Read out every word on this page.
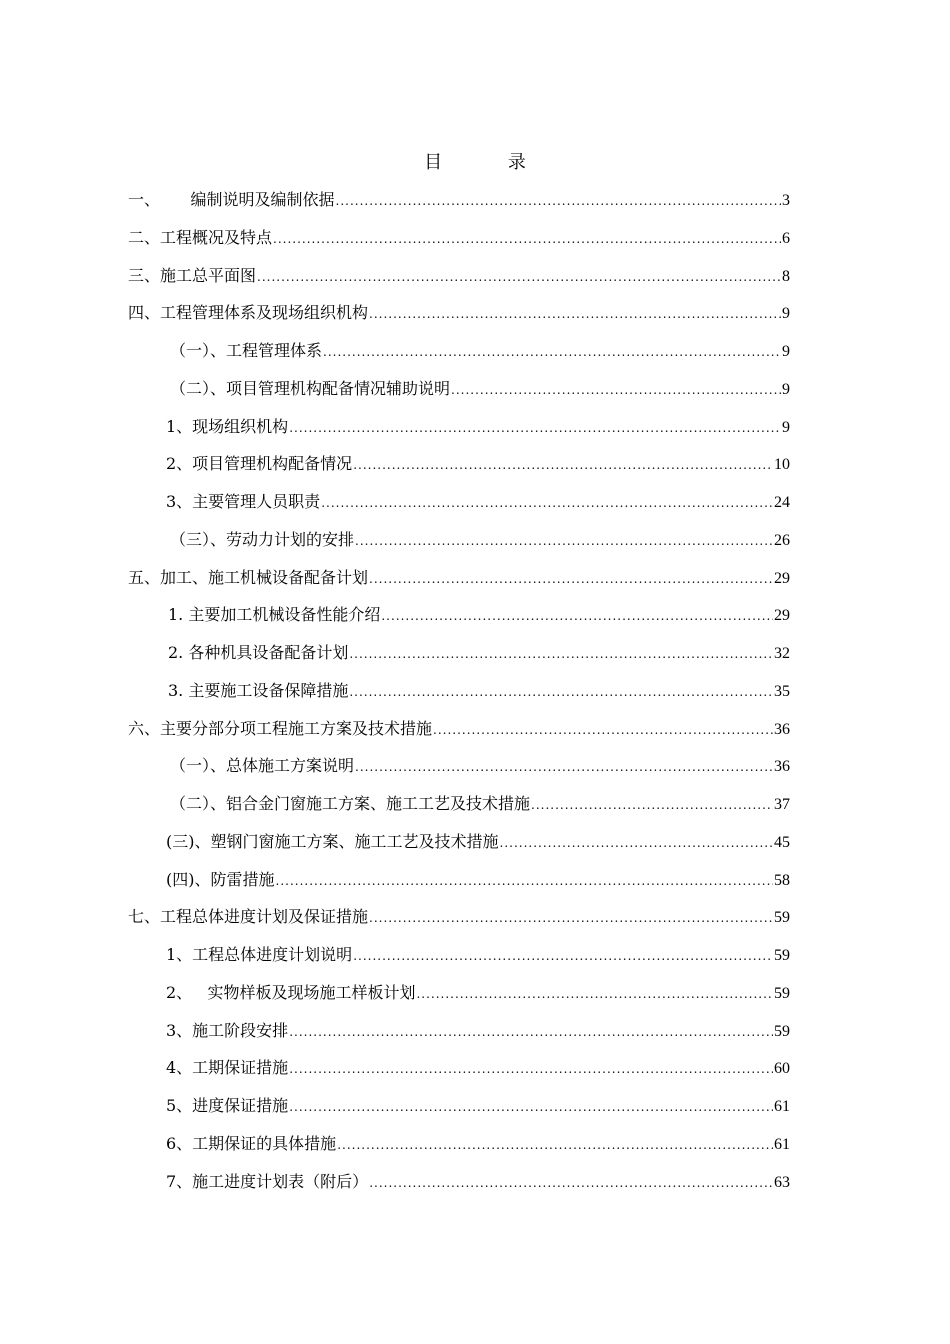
目 录
一、      编制说明及编制依据 .....	3
二、工程概况及特点 .....	6
三、施工总平面图 .....	8
四、工程管理体系及现场组织机构 .....	9
（一）、工程管理体系 .....	9
（二）、项目管理机构配备情况辅助说明 .....	9
1、现场组织机构 .....	9
2、项目管理机构配备情况 .....	10
3、主要管理人员职责 .....	24
（三）、劳动力计划的安排 .....	26
五、加工、施工机械设备配备计划 .....	29
1. 主要加工机械设备性能介绍 .....	29
2. 各种机具设备配备计划 .....	32
3. 主要施工设备保障措施 .....	35
六、主要分部分项工程施工方案及技术措施 .....	36
（一）、总体施工方案说明 .....	36
（二）、铝合金门窗施工方案、施工工艺及技术措施 .....	37
(三)、塑钢门窗施工方案、施工工艺及技术措施 .....	45
(四)、防雷措施 .....	58
七、工程总体进度计划及保证措施 .....	59
1、工程总体进度计划说明 .....	59
2、   实物样板及现场施工样板计划 .....	59
3、施工阶段安排 .....	59
4、工期保证措施 .....	60
5、进度保证措施 .....	61
6、工期保证的具体措施 .....	61
7、施工进度计划表（附后） .....	63
